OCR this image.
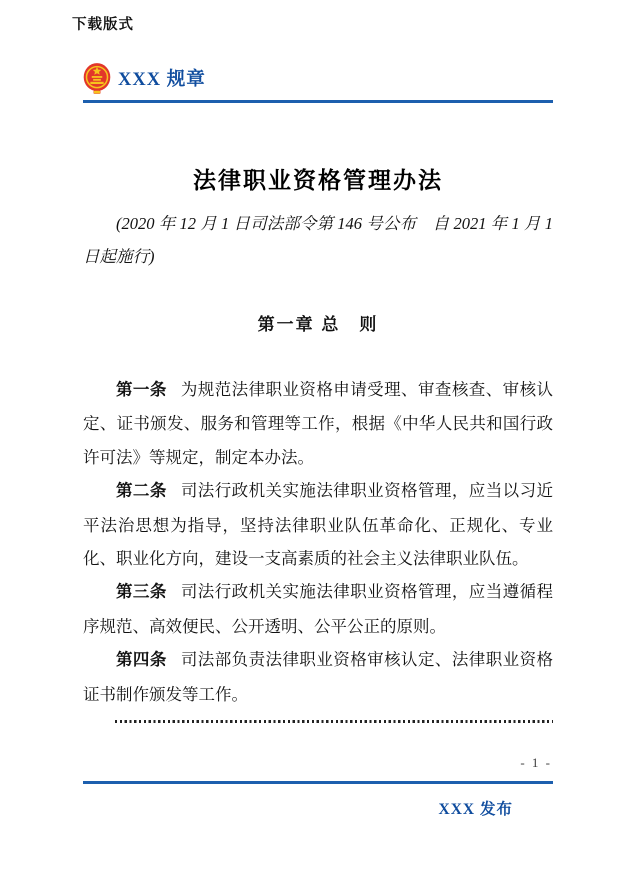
下载版式
XXX 规章
法律职业资格管理办法

(2020 年 12 月 1 日司法部令第 146 号公布　自 2021 年 1 月 1 日起施行)

第一章 总　则

第一条 为规范法律职业资格申请受理、审查核查、审核认定、证书颁发、服务和管理等工作，根据《中华人民共和国行政许可法》等规定，制定本办法。

第二条 司法行政机关实施法律职业资格管理，应当以习近平法治思想为指导，坚持法律职业队伍革命化、正规化、专业化、职业化方向，建设一支高素质的社会主义法律职业队伍。

第三条 司法行政机关实施法律职业资格管理，应当遵循程序规范、高效便民、公开透明、公平公正的原则。

第四条 司法部负责法律职业资格审核认定、法律职业资格证书制作颁发等工作。

- 1 -
XXX 发布
